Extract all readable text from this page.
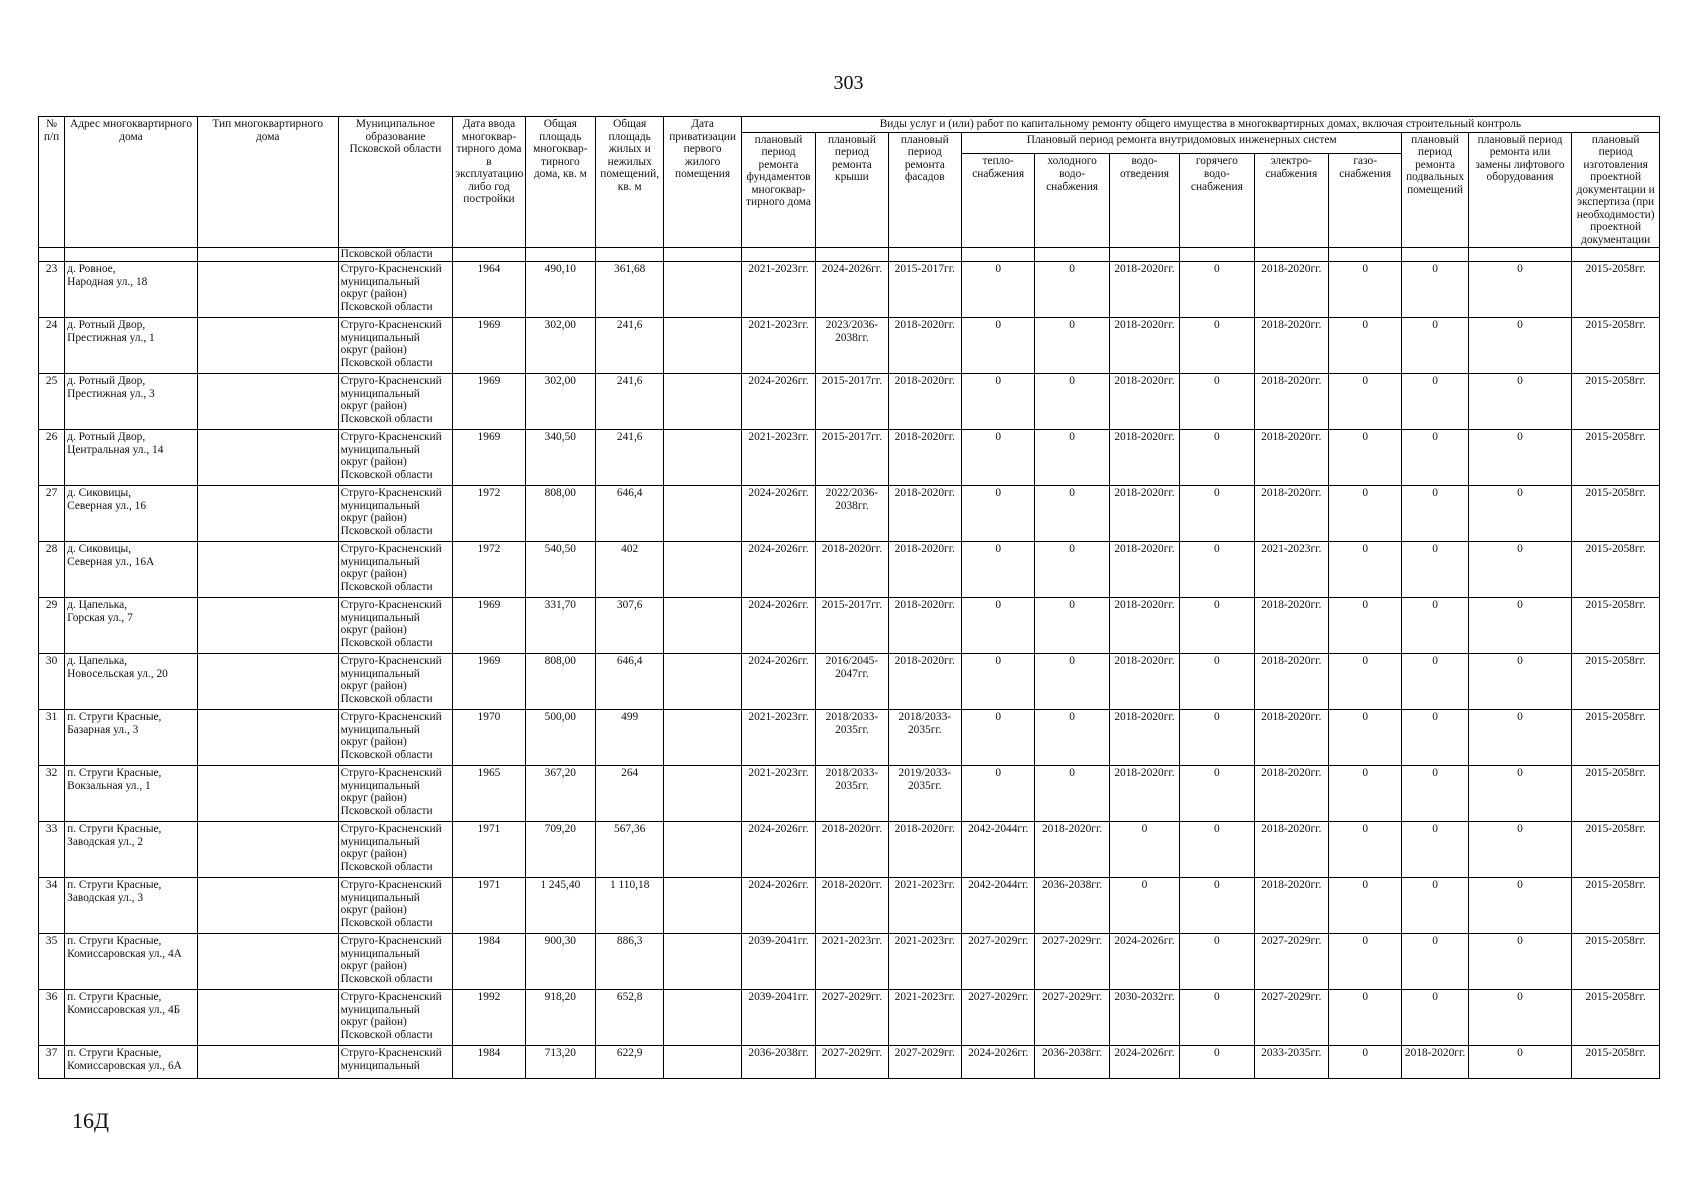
303
№ п/п	Адрес многоквартирного дома	Тип многоквартирного дома	Муниципальное образование Псковской области	Дата ввода многоквар-тирного дома в эксплуатацию либо год постройки	Общая площадь многоквар-тирного дома, кв. м	Общая площадь жилых и нежилых помещений, кв. м	Дата приватизации первого жилого помещения	Виды услуг и (или) работ по капитальному ремонту общего имущества в многоквартирных домах, включая строительный контроль											
								плановый период ремонта фундаментов многоквар-тирного дома	плановый период ремонта крыши	плановый период ремонта фасадов	Плановый период ремонта внутридомовых инженерных систем						плановый период ремонта подвальных помещений	плановый период ремонта или замены лифтового оборудования	плановый период изготовления проектной документации и экспертиза (при необходимости) проектной документации
											тепло-снабжения	холодного водо-снабжения	водо-отведения	горячего водо-снабжения	электро-снабжения	газо-снабжения			
			Псковской области																
23	д. Ровное,
Народная ул., 18		Струго-Красненский
муниципальный
округ (район)
Псковской области	1964	490,10	361,68		2021-2023гг.	2024-2026гг.	2015-2017гг.	0	0	2018-2020гг.	0	2018-2020гг.	0	0	0	2015-2058гг.
24	д. Ротный Двор,
Престижная ул., 1		Струго-Красненский
муниципальный
округ (район)
Псковской области	1969	302,00	241,6		2021-2023гг.	2023/2036-2038гг.	2018-2020гг.	0	0	2018-2020гг.	0	2018-2020гг.	0	0	0	2015-2058гг.
25	д. Ротный Двор,
Престижная ул., 3		Струго-Красненский
муниципальный
округ (район)
Псковской области	1969	302,00	241,6		2024-2026гг.	2015-2017гг.	2018-2020гг.	0	0	2018-2020гг.	0	2018-2020гг.	0	0	0	2015-2058гг.
26	д. Ротный Двор,
Центральная ул., 14		Струго-Красненский
муниципальный
округ (район)
Псковской области	1969	340,50	241,6		2021-2023гг.	2015-2017гг.	2018-2020гг.	0	0	2018-2020гг.	0	2018-2020гг.	0	0	0	2015-2058гг.
27	д. Сиковицы,
Северная ул., 16		Струго-Красненский
муниципальный
округ (район)
Псковской области	1972	808,00	646,4		2024-2026гг.	2022/2036-2038гг.	2018-2020гг.	0	0	2018-2020гг.	0	2018-2020гг.	0	0	0	2015-2058гг.
28	д. Сиковицы,
Северная ул., 16А		Струго-Красненский
муниципальный
округ (район)
Псковской области	1972	540,50	402		2024-2026гг.	2018-2020гг.	2018-2020гг.	0	0	2018-2020гг.	0	2021-2023гг.	0	0	0	2015-2058гг.
29	д. Цапелька,
Горская ул., 7		Струго-Красненский
муниципальный
округ (район)
Псковской области	1969	331,70	307,6		2024-2026гг.	2015-2017гг.	2018-2020гг.	0	0	2018-2020гг.	0	2018-2020гг.	0	0	0	2015-2058гг.
30	д. Цапелька,
Новосельская ул., 20		Струго-Красненский
муниципальный
округ (район)
Псковской области	1969	808,00	646,4		2024-2026гг.	2016/2045-2047гг.	2018-2020гг.	0	0	2018-2020гг.	0	2018-2020гг.	0	0	0	2015-2058гг.
31	п. Струги Красные,
Базарная ул., 3		Струго-Красненский
муниципальный
округ (район)
Псковской области	1970	500,00	499		2021-2023гг.	2018/2033-2035гг.	2018/2033-2035гг.	0	0	2018-2020гг.	0	2018-2020гг.	0	0	0	2015-2058гг.
32	п. Струги Красные,
Вокзальная ул., 1		Струго-Красненский
муниципальный
округ (район)
Псковской области	1965	367,20	264		2021-2023гг.	2018/2033-2035гг.	2019/2033-2035гг.	0	0	2018-2020гг.	0	2018-2020гг.	0	0	0	2015-2058гг.
33	п. Струги Красные,
Заводская ул., 2		Струго-Красненский
муниципальный
округ (район)
Псковской области	1971	709,20	567,36		2024-2026гг.	2018-2020гг.	2018-2020гг.	2042-2044гг.	2018-2020гг.	0	0	2018-2020гг.	0	0	0	2015-2058гг.
34	п. Струги Красные,
Заводская ул., 3		Струго-Красненский
муниципальный
округ (район)
Псковской области	1971	1 245,40	1 110,18		2024-2026гг.	2018-2020гг.	2021-2023гг.	2042-2044гг.	2036-2038гг.	0	0	2018-2020гг.	0	0	0	2015-2058гг.
35	п. Струги Красные,
Комиссаровская ул., 4А		Струго-Красненский
муниципальный
округ (район)
Псковской области	1984	900,30	886,3		2039-2041гг.	2021-2023гг.	2021-2023гг.	2027-2029гг.	2027-2029гг.	2024-2026гг.	0	2027-2029гг.	0	0	0	2015-2058гг.
36	п. Струги Красные,
Комиссаровская ул., 4Б		Струго-Красненский
муниципальный
округ (район)
Псковской области	1992	918,20	652,8		2039-2041гг.	2027-2029гг.	2021-2023гг.	2027-2029гг.	2027-2029гг.	2030-2032гг.	0	2027-2029гг.	0	0	0	2015-2058гг.
37	п. Струги Красные,
Комиссаровская ул., 6А		Струго-Красненский
муниципальный	1984	713,20	622,9		2036-2038гг.	2027-2029гг.	2027-2029гг.	2024-2026гг.	2036-2038гг.	2024-2026гг.	0	2033-2035гг.	0	2018-2020гг.	0	2015-2058гг.
16Д
